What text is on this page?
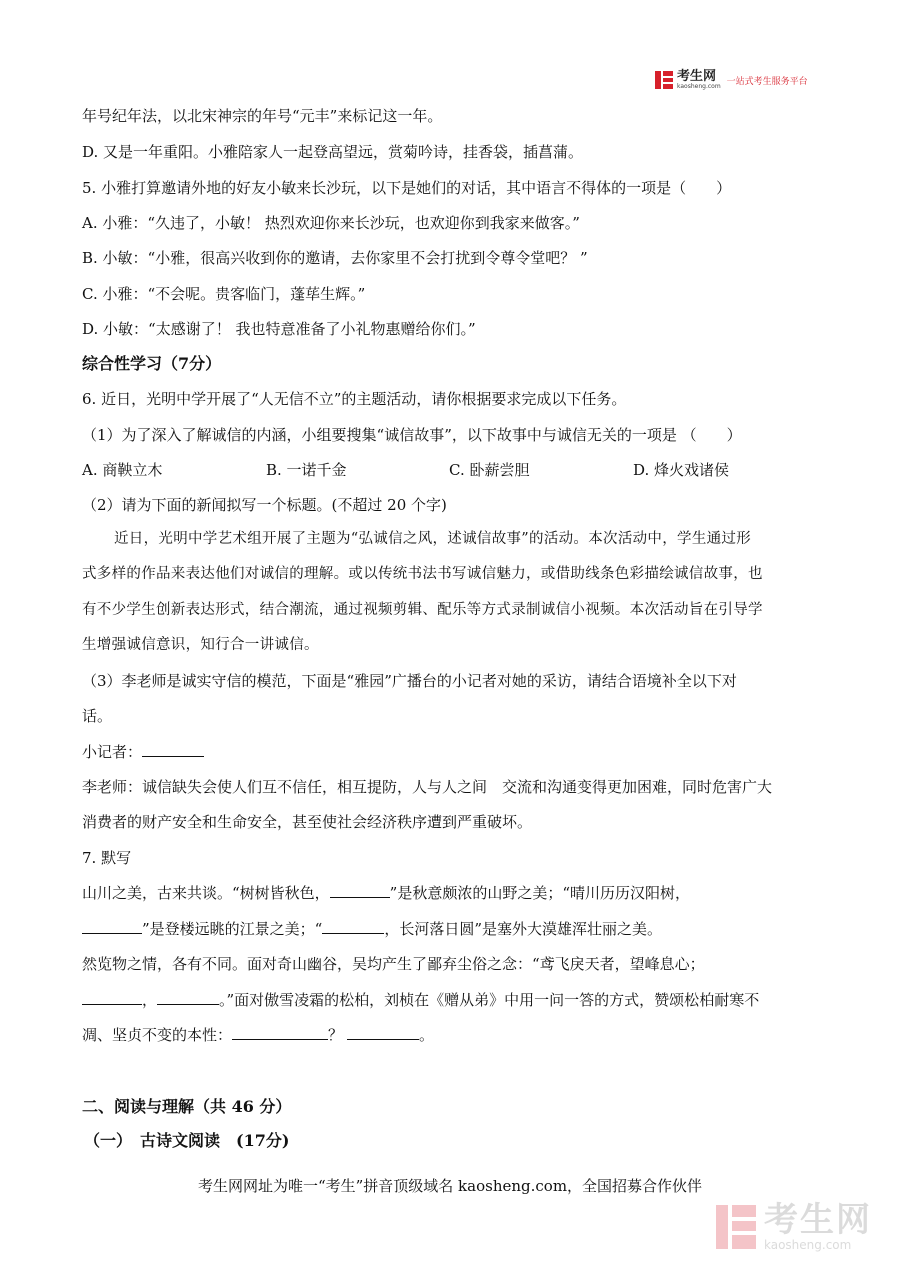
考生网
kaosheng.com 一站式考生服务平台
年号纪年法，以北宋神宗的年号“元丰”来标记这一年。
D. 又是一年重阳。小雅陪家人一起登高望远，赏菊吟诗，挂香袋，插菖蒲。
5. 小雅打算邀请外地的好友小敏来长沙玩，以下是她们的对话，其中语言不得体的一项是（　　）
A. 小雅：“久违了，小敏！ 热烈欢迎你来长沙玩，也欢迎你到我家来做客。”
B. 小敏：“小雅，很高兴收到你的邀请，去你家里不会打扰到令尊令堂吧？ ”
C. 小雅：“不会呢。贵客临门，蓬荜生辉。”
D. 小敏：“太感谢了！ 我也特意准备了小礼物惠赠给你们。”
综合性学习（7分）
6. 近日，光明中学开展了“人无信不立”的主题活动，请你根据要求完成以下任务。
（1）为了深入了解诚信的内涵，小组要搜集“诚信故事”，以下故事中与诚信无关的一项是 （　　）
A. 商鞅立木	B. 一诺千金	C. 卧薪尝胆	D. 烽火戏诸侯
（2）请为下面的新闻拟写一个标题。(不超过 20 个字)
近日，光明中学艺术组开展了主题为“弘诚信之风，述诚信故事”的活动。本次活动中，学生通过形
式多样的作品来表达他们对诚信的理解。或以传统书法书写诚信魅力，或借助线条色彩描绘诚信故事，也
有不少学生创新表达形式，结合潮流，通过视频剪辑、配乐等方式录制诚信小视频。本次活动旨在引导学
生增强诚信意识，知行合一讲诚信。
（3）李老师是诚实守信的模范，下面是“雅园”广播台的小记者对她的采访，请结合语境补全以下对
话。
小记者：
李老师：诚信缺失会使人们互不信任，相互提防，人与人之间　交流和沟通变得更加困难，同时危害广大
消费者的财产安全和生命安全，甚至使社会经济秩序遭到严重破坏。
7. 默写
山川之美，古来共谈。“树树皆秋色，	”是秋意颇浓的山野之美；“晴川历历汉阳树，
”是登楼远眺的江景之美；“	，长河落日圆”是塞外大漠雄浑壮丽之美。
然览物之情，各有不同。面对奇山幽谷，吴均产生了鄙弃尘俗之念：“鸢飞戾天者，望峰息心；
，	。”面对傲雪凌霜的松柏，刘桢在《赠从弟》中用一问一答的方式，赞颂松柏耐寒不
凋、坚贞不变的本性：	？	。
二、阅读与理解（共 46 分）
（一）　古诗文阅读　(17分)
考生网网址为唯一“考生”拼音顶级域名 kaosheng.com，全国招募合作伙伴
考生网
kaosheng.com
